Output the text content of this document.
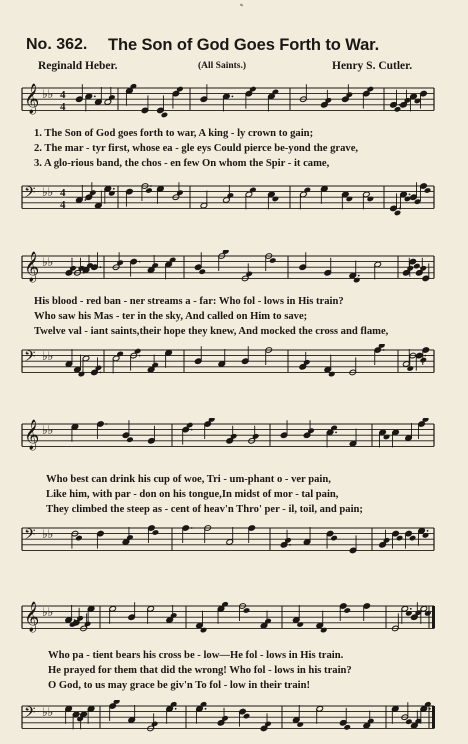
No. 362. The Son of God Goes Forth to War.
Reginald Heber.	(All Saints.)	Henry S. Cutler.
𝄞 ♭♭ 4
4
1. The Son of God goes forth to war, A king - ly crown to gain;
2. The mar - tyr first, whose ea - gle eys Could pierce be-yond the grave,
3. A glo-rious band, the chos - en few On whom the Spir - it came,
𝄢 ♭♭ 4
4
𝄞 ♭♭
His blood - red ban - ner streams a - far: Who fol - lows in His train?
Who saw his Mas - ter in the sky, And called on Him to save;
Twelve val - iant saints,their hope they knew, And mocked the cross and flame,
𝄢 ♭♭
𝄞 ♭♭
Who best can drink his cup of woe, Tri - um-phant o - ver pain,
Like him, with par - don on his tongue,In midst of mor - tal pain,
They climbed the steep as - cent of heav'n Thro' per - il, toil, and pain;
𝄢 ♭♭
𝄞 ♭♭
Who pa - tient bears his cross be - low—He fol - lows in His train.
He prayed for them that did the wrong! Who fol - lows in his train?
O God, to us may grace be giv'n To fol - low in their train!
𝄢 ♭♭
